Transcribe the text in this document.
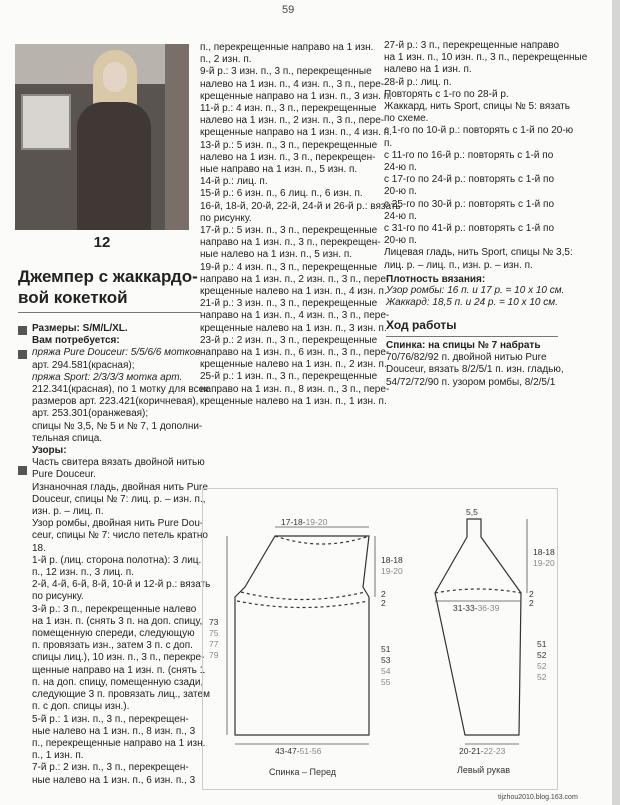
59
12
Джемпер с жаккардо-
вой кокеткой

Размеры: S/M/L/XL.

Вам потребуется:

пряжа Pure Douceur: 5/5/6/6 мотков

арт. 294.581(красная);

пряжа Sport: 2/3/3/3 мотка арт.

212.341(красная), по 1 мотку для всех

размеров арт. 223.421(коричневая),

арт. 253.301(оранжевая);

спицы № 3,5, № 5 и № 7, 1 дополни-

тельная спица.

Узоры:

Часть свитера вязать двойной нитью

Pure Douceur.

Изнаночная гладь, двойная нить Pure

Douceur, спицы № 7: лиц. р. – изн. п.,

изн. р. – лиц. п.

Узор ромбы, двойная нить Pure Dou-

ceur, спицы № 7: число петель кратно

18.

1-й р. (лиц. сторона полотна): 3 лиц.

п., 12 изн. п., 3 лиц. п.

2-й, 4-й, 6-й, 8-й, 10-й и 12-й р.: вязать

по рисунку.

3-й р.: 3 п., перекрещенные налево

на 1 изн. п. (снять 3 п. на доп. спицу,

помещенную спереди, следующую

п. провязать изн., затем 3 п. с доп.

спицы лиц.), 10 изн. п., 3 п., перекре-

щенные направо на 1 изн. п. (снять 1

п. на доп. спицу, помещенную сзади,

следующие 3 п. провязать лиц., затем

п. с доп. спицы изн.).

5-й р.: 1 изн. п., 3 п., перекрещен-

ные налево на 1 изн. п., 8 изн. п., 3

п., перекрещенные направо на 1 изн.

п., 1 изн. п.

7-й р.: 2 изн. п., 3 п., перекрещен-

ные налево на 1 изн. п., 6 изн. п., 3

п., перекрещенные направо на 1 изн.

п., 2 изн. п.

9-й р.: 3 изн. п., 3 п., перекрещенные

налево на 1 изн. п., 4 изн. п., 3 п., пере-

крещенные направо на 1 изн. п., 3 изн. п.

11-й р.: 4 изн. п., 3 п., перекрещенные

налево на 1 изн. п., 2 изн. п., 3 п., пере-

крещенные направо на 1 изн. п., 4 изн. п.

13-й р.: 5 изн. п., 3 п., перекрещенные

налево на 1 изн. п., 3 п., перекрещен-

ные направо на 1 изн. п., 5 изн. п.

14-й р.: лиц. п.

15-й р.: 6 изн. п., 6 лиц. п., 6 изн. п.

16-й, 18-й, 20-й, 22-й, 24-й и 26-й р.: вязать

по рисунку.

17-й р.: 5 изн. п., 3 п., перекрещенные

направо на 1 изн. п., 3 п., перекрещен-

ные налево на 1 изн. п., 5 изн. п.

19-й р.: 4 изн. п., 3 п., перекрещенные

направо на 1 изн. п., 2 изн. п., 3 п., пере-

крещенные налево на 1 изн. п., 4 изн. п.

21-й р.: 3 изн. п., 3 п., перекрещенные

направо на 1 изн. п., 4 изн. п., 3 п., пере-

крещенные налево на 1 изн. п., 3 изн. п.

23-й р.: 2 изн. п., 3 п., перекрещенные

направо на 1 изн. п., 6 изн. п., 3 п., пере-

крещенные налево на 1 изн. п., 2 изн. п.

25-й р.: 1 изн. п., 3 п., перекрещенные

направо на 1 изн. п., 8 изн. п., 3 п., пере-

крещенные налево на 1 изн. п., 1 изн. п.

27-й р.: 3 п., перекрещенные направо

на 1 изн. п., 10 изн. п., 3 п., перекрещенные

налево на 1 изн. п.

28-й р.: лиц. п.

Повторять с 1-го по 28-й р.

Жаккард, нить Sport, спицы № 5: вязать

по схеме.

с 1-го по 10-й р.: повторять с 1-й по 20-ю

п.

с 11-го по 16-й р.: повторять с 1-й по

24-ю п.

с 17-го по 24-й р.: повторять с 1-й по

20-ю п.

с 25-го по 30-й р.: повторять с 1-й по

24-ю п.

с 31-го по 41-й р.: повторять с 1-й по

20-ю п.

Лицевая гладь, нить Sport, спицы № 3,5:

лиц. р. – лиц. п., изн. р. – изн. п.

Плотность вязания:
Узор ромбы: 16 п. и 17 р. = 10 x 10 см.
Жаккард: 18,5 п. и 24 р. = 10 x 10 см.
Ход работы

Спинка: на спицы № 7 набрать

70/76/82/92 п. двойной нитью Pure

Douceur, вязать 8/2/5/1 п. изн. гладью,

54/72/72/90 п. узором ромбы, 8/2/5/1

17-18-19-20
43-47-51-56
73
75
77
79
18-18
19-20
2
2
51
53
54
55
Спинка – Перед
5,5
18-18
19-20
2
2
31-33-36-39
51
52
52
52
20-21-22-23
Левый рукав
tijzhou2010.blog.163.com
